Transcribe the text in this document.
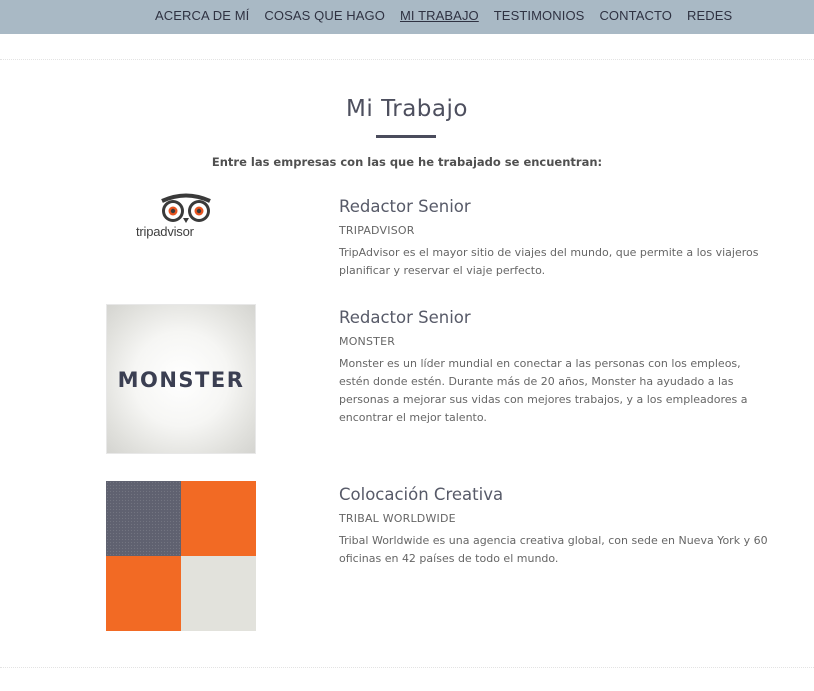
ACERCA DE MÍ COSAS QUE HAGO MI TRABAJO TESTIMONIOS CONTACTO REDES
Mi Trabajo

Entre las empresas con las que he trabajado se encuentran:

tripadvisor
Redactor Senior
TRIPADVISOR

TripAdvisor es el mayor sitio de viajes del mundo, que permite a los viajeros planificar y reservar el viaje perfecto.

MONSTER
Redactor Senior
MONSTER

Monster es un líder mundial en conectar a las personas con los empleos, estén donde estén. Durante más de 20 años, Monster ha ayudado a las personas a mejorar sus vidas con mejores trabajos, y a los empleadores a encontrar el mejor talento.

Colocación Creativa
TRIBAL WORLDWIDE

Tribal Worldwide es una agencia creativa global, con sede en Nueva York y 60 oficinas en 42 países de todo el mundo.
